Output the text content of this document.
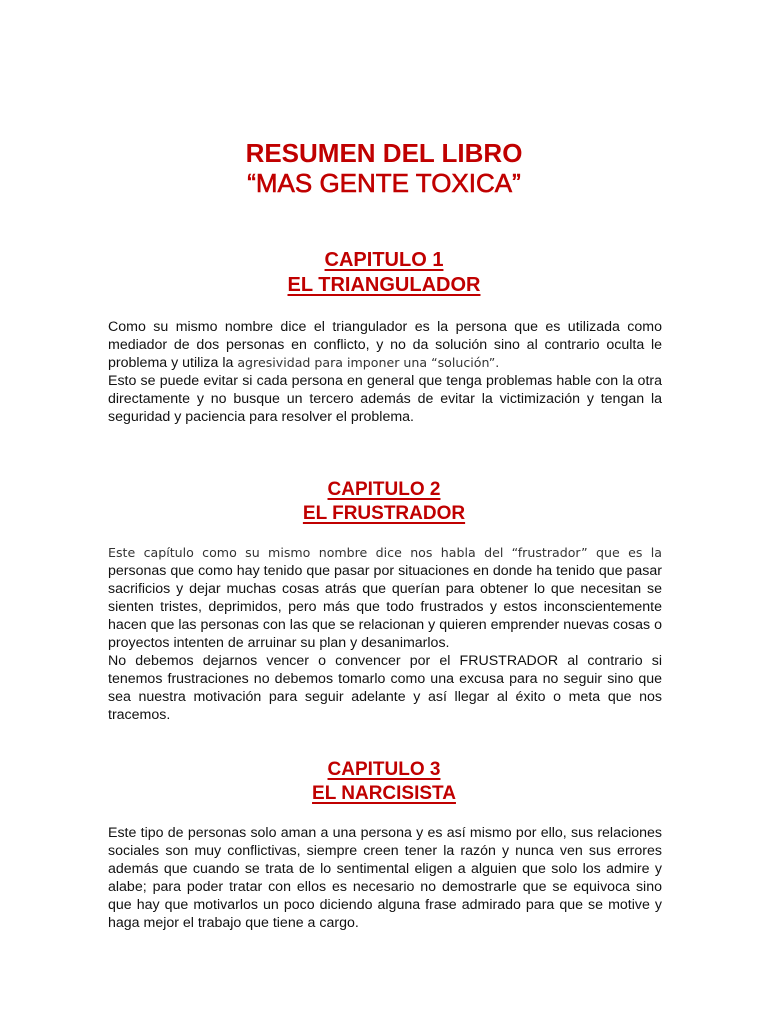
RESUMEN DEL LIBRO
“MAS GENTE TOXICA”
CAPITULO 1
EL TRIANGULADOR

Como su mismo nombre dice el triangulador es la persona que es utilizada como mediador de dos personas en conflicto, y no da solución sino al contrario oculta le problema y utiliza la agresividad para imponer una “solución”.

Esto se puede evitar si cada persona en general que tenga problemas hable con la otra directamente y no busque un tercero además de evitar la victimización y tengan la seguridad y paciencia para resolver el problema.

CAPITULO 2
EL FRUSTRADOR

Este capítulo como su mismo nombre dice nos habla del “frustrador” que es la personas que como hay tenido que pasar por situaciones en donde ha tenido que pasar sacrificios y dejar muchas cosas atrás que querían para obtener lo que necesitan se sienten tristes, deprimidos, pero más que todo frustrados y estos inconscientemente hacen que las personas con las que se relacionan y quieren emprender nuevas cosas o proyectos intenten de arruinar su plan y desanimarlos.

No debemos dejarnos vencer o convencer por el FRUSTRADOR al contrario si tenemos frustraciones no debemos tomarlo como una excusa para no seguir sino que sea nuestra motivación para seguir adelante y así llegar al éxito o meta que nos tracemos.

CAPITULO 3
EL NARCISISTA

Este tipo de personas solo aman a una persona y es así mismo por ello, sus relaciones sociales son muy conflictivas, siempre creen tener la razón y nunca ven sus errores además que cuando se trata de lo sentimental eligen a alguien que solo los admire y alabe; para poder tratar con ellos es necesario no demostrarle que se equivoca sino que hay que motivarlos un poco diciendo alguna frase admirado para que se motive y haga mejor el trabajo que tiene a cargo.
